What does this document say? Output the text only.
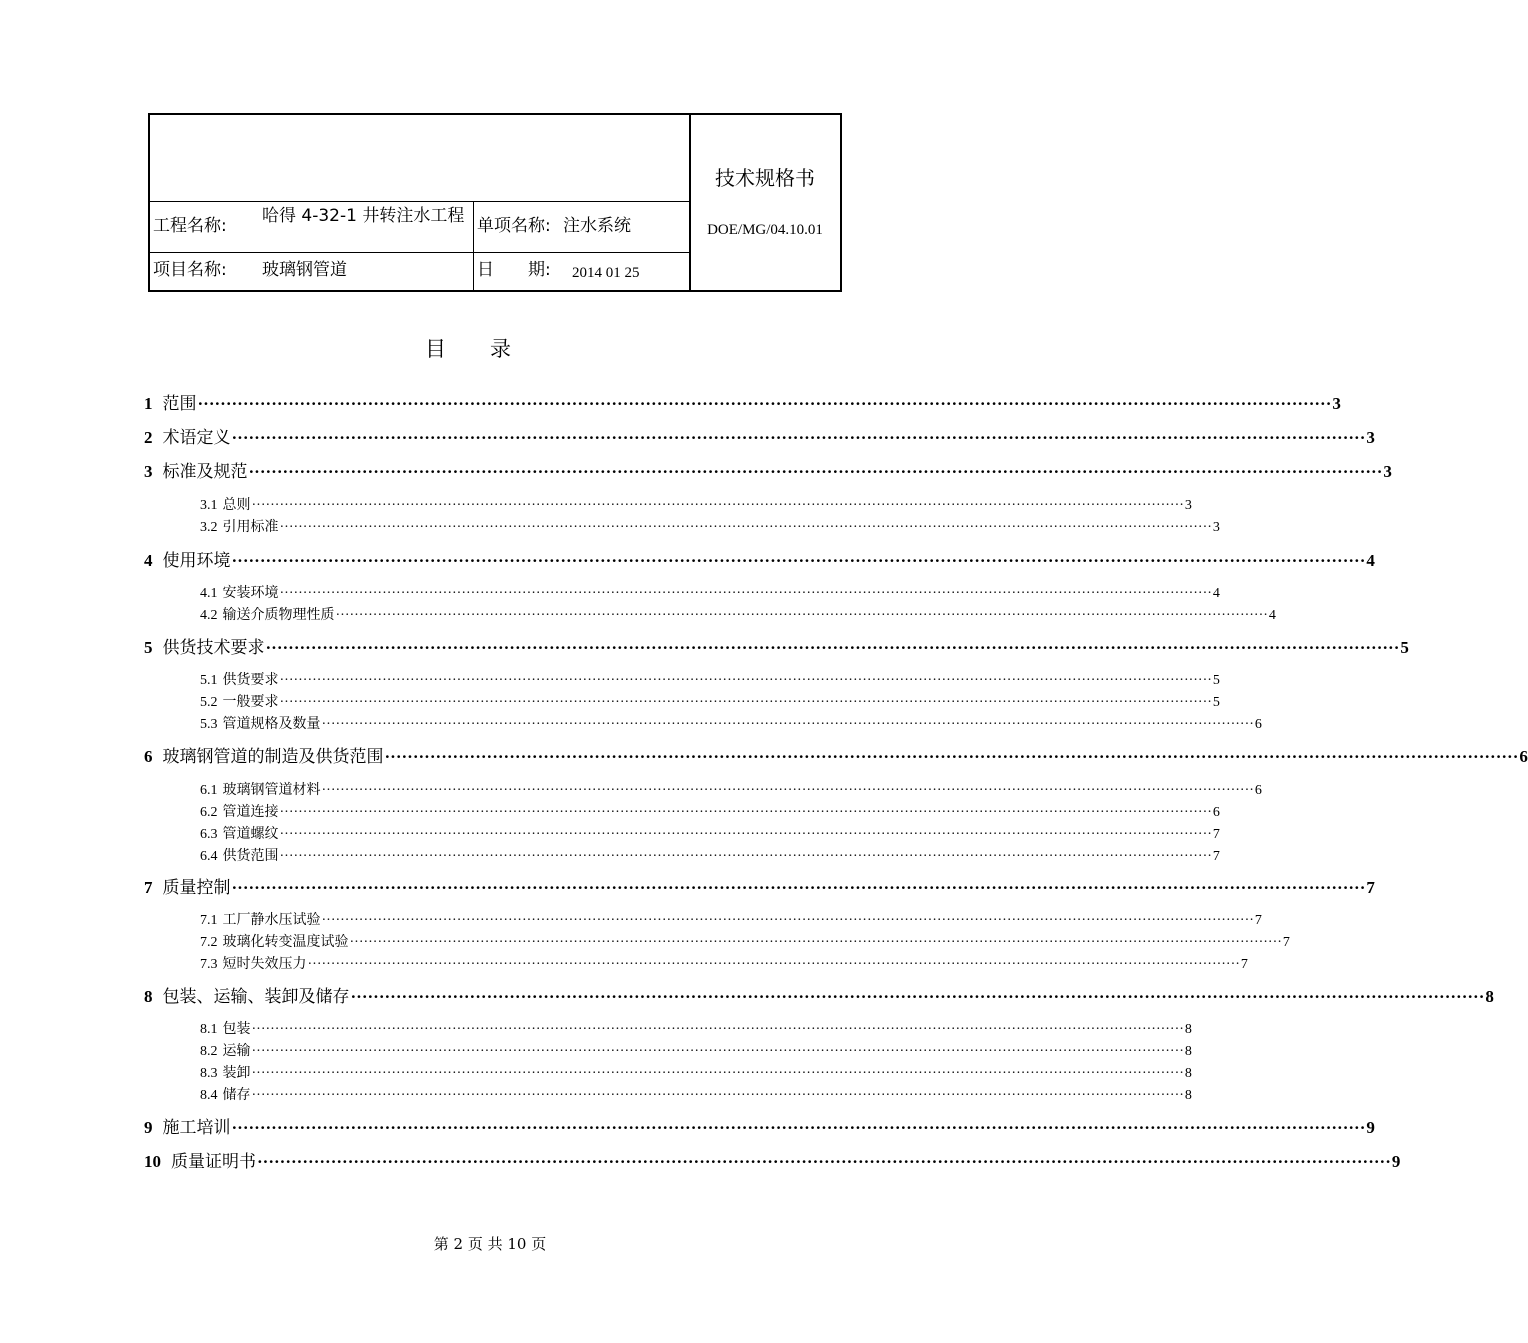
工程名称: 哈得 4-32-1 井转注水工程 单项名称: 注水系统
项目名称: 玻璃钢管道	日　　期: 2014 01 25
技术规格书
DOE/MG/04.10.01
目录
1 范围 ········································································································································································································ 3
2 术语定义 ········································································································································································································ 3
3 标准及规范 ········································································································································································································ 3
3.1 总则 ········································································································································································································ 3
3.2 引用标准 ········································································································································································································ 3
4 使用环境 ········································································································································································································ 4
4.1 安装环境 ········································································································································································································ 4
4.2 输送介质物理性质 ········································································································································································································ 4
5 供货技术要求 ········································································································································································································ 5
5.1 供货要求 ········································································································································································································ 5
5.2 一般要求 ········································································································································································································ 5
5.3 管道规格及数量 ········································································································································································································ 6
6 玻璃钢管道的制造及供货范围 ········································································································································································································ 6
6.1 玻璃钢管道材料 ········································································································································································································ 6
6.2 管道连接 ········································································································································································································ 6
6.3 管道螺纹 ········································································································································································································ 7
6.4 供货范围 ········································································································································································································ 7
7 质量控制 ········································································································································································································ 7
7.1 工厂静水压试验 ········································································································································································································ 7
7.2 玻璃化转变温度试验 ········································································································································································································ 7
7.3 短时失效压力 ········································································································································································································ 7
8 包装、运输、装卸及储存 ········································································································································································································ 8
8.1 包装 ········································································································································································································ 8
8.2 运输 ········································································································································································································ 8
8.3 装卸 ········································································································································································································ 8
8.4 储存 ········································································································································································································ 8
9 施工培训 ········································································································································································································ 9
10 质量证明书 ········································································································································································································ 9
第 2 页 共 10 页
